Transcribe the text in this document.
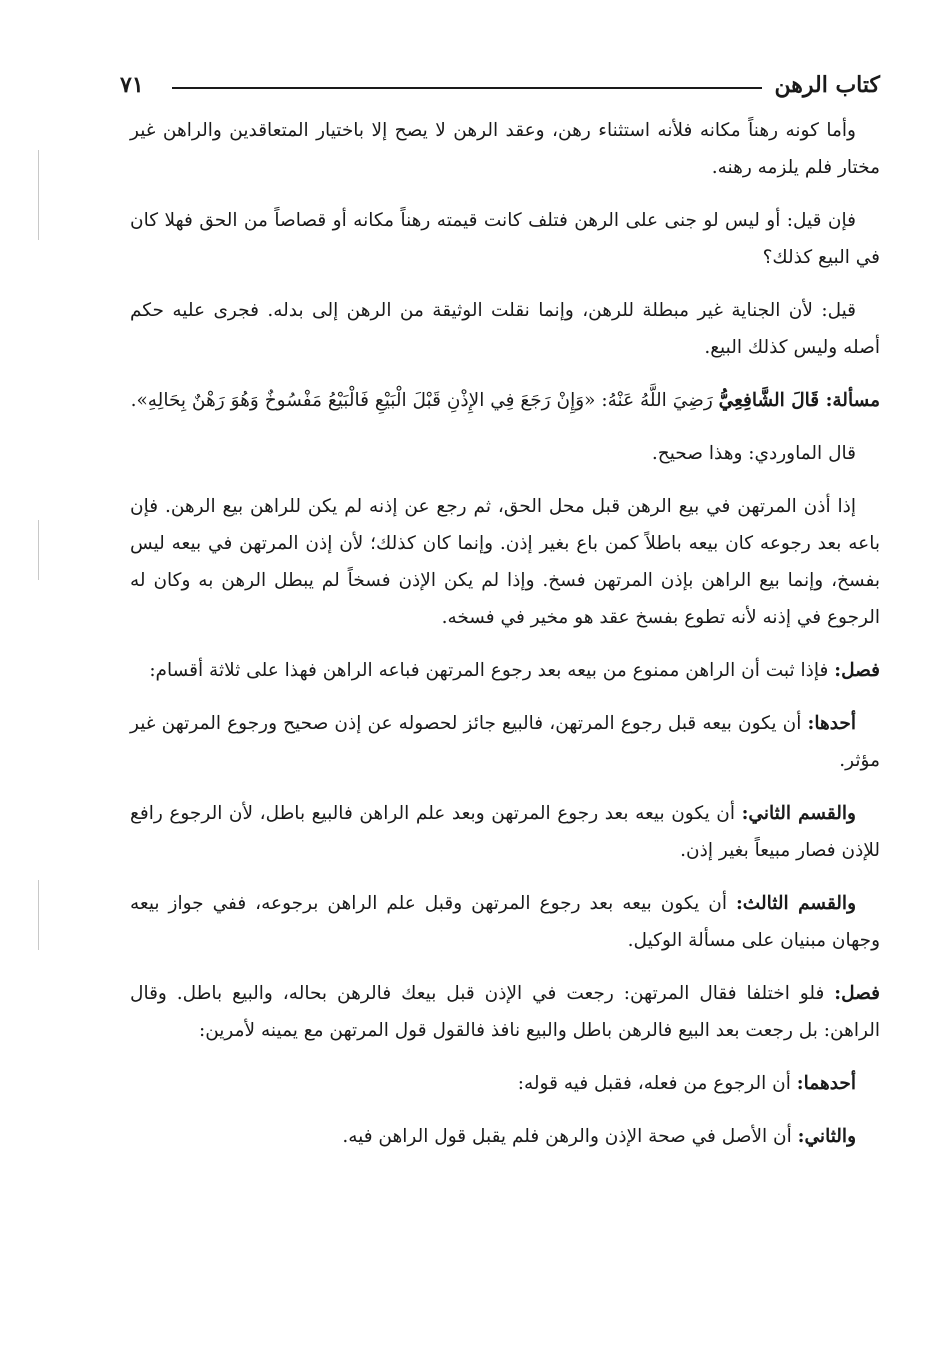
كتاب الرهن
٧١

وأما كونه رهناً مكانه فلأنه استثناء رهن، وعقد الرهن لا يصح إلا باختيار المتعاقدين والراهن غير مختار فلم يلزمه رهنه.

فإن قيل: أو ليس لو جنى على الرهن فتلف كانت قيمته رهناً مكانه أو قصاصاً من الحق فهلا كان في البيع كذلك؟

قيل: لأن الجناية غير مبطلة للرهن، وإنما نقلت الوثيقة من الرهن إلى بدله. فجرى عليه حكم أصله وليس كذلك البيع.

مسألة: قَالَ الشَّافِعِيُّ رَضِيَ اللَّهُ عَنْهُ: «وَإِنْ رَجَعَ فِي الإِذْنِ قَبْلَ الْبَيْعِ فَالْبَيْعُ مَفْسُوخٌ وَهُوَ رَهْنٌ بِحَالِهِ».

قال الماوردي: وهذا صحيح.

إذا أذن المرتهن في بيع الرهن قبل محل الحق، ثم رجع عن إذنه لم يكن للراهن بيع الرهن. فإن باعه بعد رجوعه كان بيعه باطلاً كمن باع بغير إذن. وإنما كان كذلك؛ لأن إذن المرتهن في بيعه ليس بفسخ، وإنما بيع الراهن بإذن المرتهن فسخ. وإذا لم يكن الإذن فسخاً لم يبطل الرهن به وكان له الرجوع في إذنه لأنه تطوع بفسخ عقد هو مخير في فسخه.

فصل: فإذا ثبت أن الراهن ممنوع من بيعه بعد رجوع المرتهن فباعه الراهن فهذا على ثلاثة أقسام:

أحدها: أن يكون بيعه قبل رجوع المرتهن، فالبيع جائز لحصوله عن إذن صحيح ورجوع المرتهن غير مؤثر.

والقسم الثاني: أن يكون بيعه بعد رجوع المرتهن وبعد علم الراهن فالبيع باطل، لأن الرجوع رافع للإذن فصار مبيعاً بغير إذن.

والقسم الثالث: أن يكون بيعه بعد رجوع المرتهن وقبل علم الراهن برجوعه، ففي جواز بيعه وجهان مبنيان على مسألة الوكيل.

فصل: فلو اختلفا فقال المرتهن: رجعت في الإذن قبل بيعك فالرهن بحاله، والبيع باطل. وقال الراهن: بل رجعت بعد البيع فالرهن باطل والبيع نافذ فالقول قول المرتهن مع يمينه لأمرين:

أحدهما: أن الرجوع من فعله، فقبل فيه قوله:

والثاني: أن الأصل في صحة الإذن والرهن فلم يقبل قول الراهن فيه.
